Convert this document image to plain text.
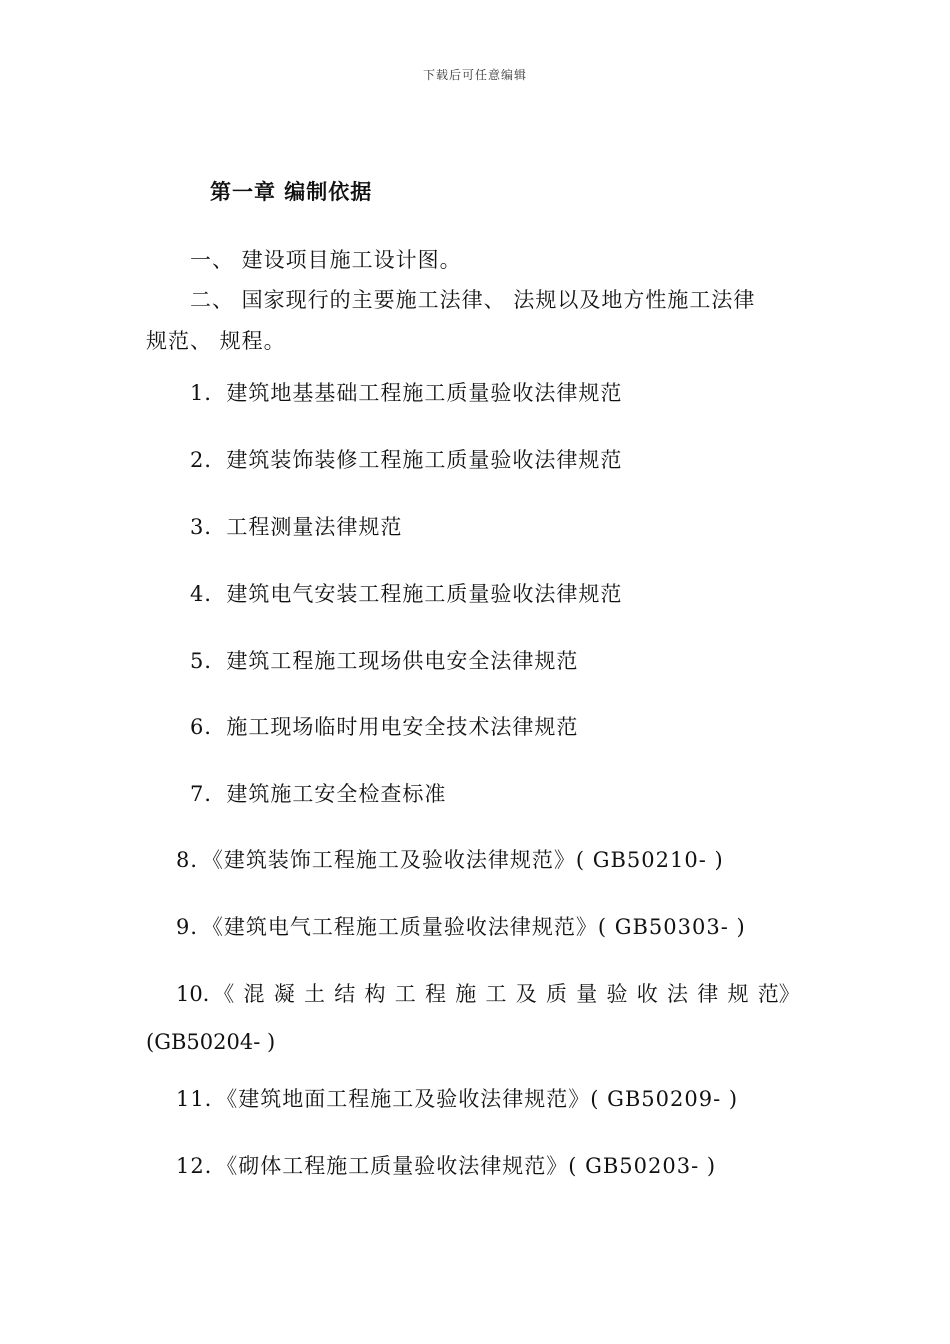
下载后可任意编辑
第一章 编制依据
一、 建设项目施工设计图。
二、 国家现行的主要施工法律、 法规以及地方性施工法律
规范、 规程。
1．建筑地基基础工程施工质量验收法律规范
2．建筑装饰装修工程施工质量验收法律规范
3．工程测量法律规范
4．建筑电气安装工程施工质量验收法律规范
5．建筑工程施工现场供电安全法律规范
6．施工现场临时用电安全技术法律规范
7．建筑施工安全检查标准
8．《建筑装饰工程施工及验收法律规范》( GB50210- )
9．《建筑电气工程施工质量验收法律规范》( GB50303- )
10．《 混 凝 土 结 构 工 程 施 工 及 质 量 验 收 法 律 规 范》
(GB50204- )
11．《建筑地面工程施工及验收法律规范》( GB50209- )
12．《砌体工程施工质量验收法律规范》( GB50203- )
